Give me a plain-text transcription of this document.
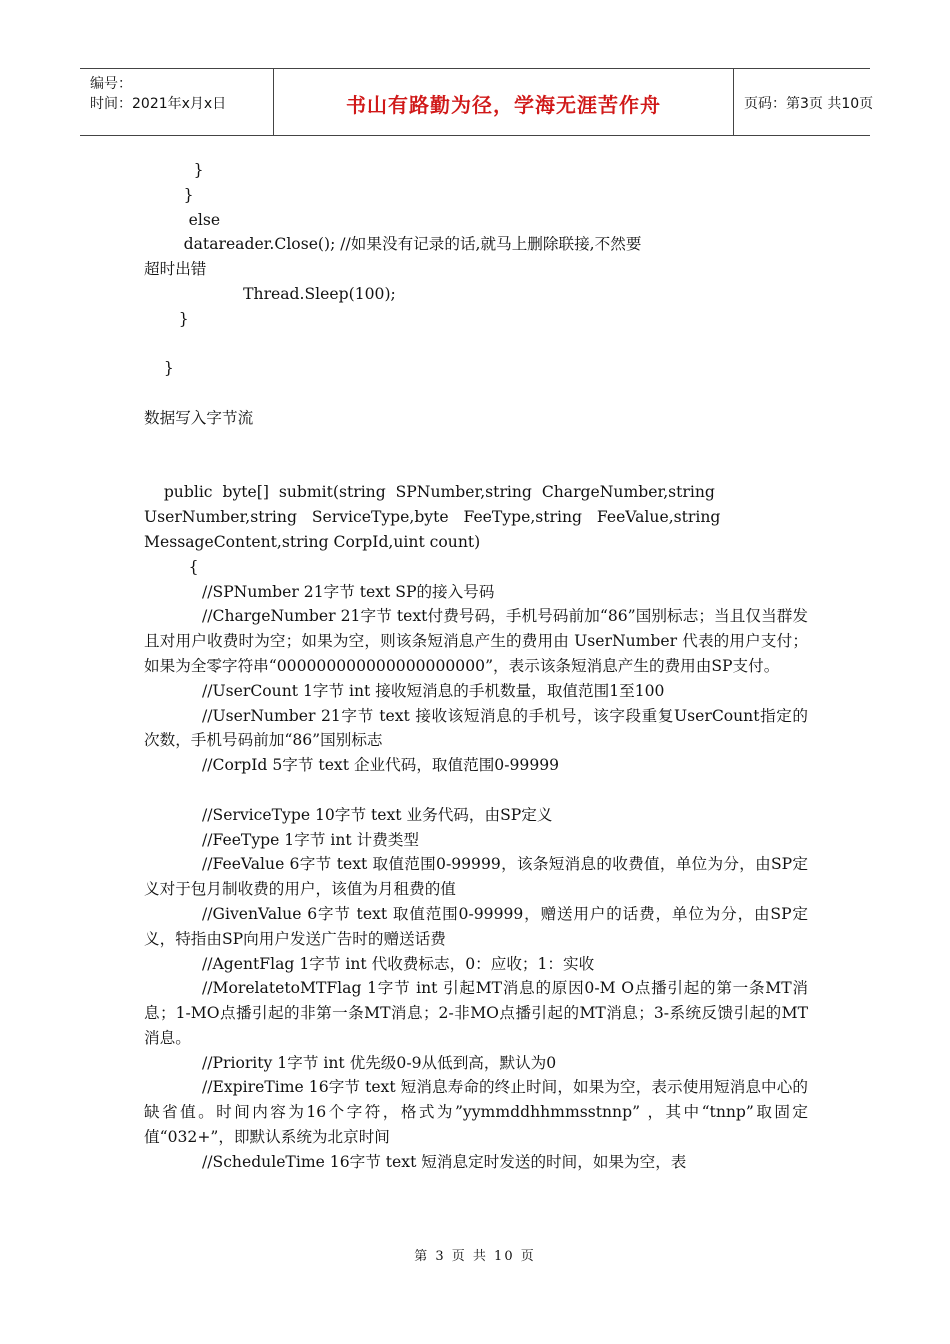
编号：
时间：2021年x月x日	书山有路勤为径，学海无涯苦作舟	页码：第3页 共10页
}
}
else
datareader.Close(); //如果没有记录的话,就马上删除联接,不然要
超时出错
Thread.Sleep(100);
}
}
数据写入字节流
public  byte[]  submit(string  SPNumber,string  ChargeNumber,string
UserNumber,string   ServiceType,byte   FeeType,string   FeeValue,string
MessageContent,string CorpId,uint count)
{

//SPNumber 21字节 text SP的接入号码

//ChargeNumber 21字节 text付费号码，手机号码前加“86”国别标志；当且仅当群发且对用户收费时为空；如果为空，则该条短消息产生的费用由 UserNumber 代表的用户支付；如果为全零字符串“000000000000000000000”，表示该条短消息产生的费用由SP支付。

//UserCount 1字节 int 接收短消息的手机数量，取值范围1至100

//UserNumber 21字节 text 接收该短消息的手机号，该字段重复UserCount指定的次数，手机号码前加“86”国别标志

//CorpId 5字节 text 企业代码，取值范围0-99999

//ServiceType 10字节 text 业务代码，由SP定义

//FeeType 1字节 int 计费类型

//FeeValue 6字节 text 取值范围0-99999，该条短消息的收费值，单位为分，由SP定义对于包月制收费的用户，该值为月租费的值

//GivenValue 6字节 text 取值范围0-99999，赠送用户的话费，单位为分，由SP定义，特指由SP向用户发送广告时的赠送话费

//AgentFlag 1字节 int 代收费标志，0：应收；1：实收

//MorelatetoMTFlag 1字节 int 引起MT消息的原因0-M O点播引起的第一条MT消息；1-MO点播引起的非第一条MT消息；2-非MO点播引起的MT消息；3-系统反馈引起的MT消息。

//Priority 1字节 int 优先级0-9从低到高，默认为0

//ExpireTime 16字节 text 短消息寿命的终止时间，如果为空，表示使用短消息中心的缺省值。时间内容为16个字符，格式为”yymmddhhmmsstnnp” ，其中“tnnp”取固定值“032+”，即默认系统为北京时间

//ScheduleTime 16字节 text 短消息定时发送的时间，如果为空，表

第 3 页 共 10 页
